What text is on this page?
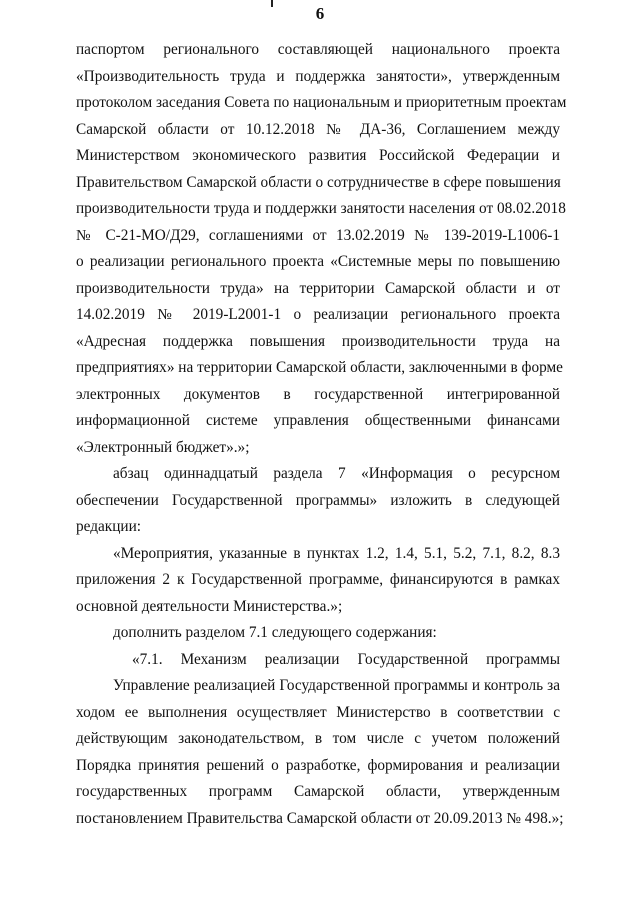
6
паспортом регионального составляющей национального проекта
«Производительность труда и поддержка занятости», утвержденным
протоколом заседания Совета по национальным и приоритетным проектам
Самарской области от 10.12.2018 № ДА-36, Соглашением между
Министерством экономического развития Российской Федерации и
Правительством Самарской области о сотрудничестве в сфере повышения
производительности труда и поддержки занятости населения от 08.02.2018
№ С-21-МО/Д29, соглашениями от 13.02.2019 № 139-2019-L1006-1
о реализации регионального проекта «Системные меры по повышению
производительности труда» на территории Самарской области и от
14.02.2019 № 2019-L2001-1 о реализации регионального проекта
«Адресная поддержка повышения производительности труда на
предприятиях» на территории Самарской области, заключенными в форме
электронных документов в государственной интегрированной
информационной системе управления общественными финансами
«Электронный бюджет».»;
абзац одиннадцатый раздела 7 «Информация о ресурсном
обеспечении Государственной программы» изложить в следующей
редакции:
«Мероприятия, указанные в пунктах 1.2, 1.4, 5.1, 5.2, 7.1, 8.2, 8.3
приложения 2 к Государственной программе, финансируются в рамках
основной деятельности Министерства.»;
дополнить разделом 7.1 следующего содержания:
«7.1. Механизм реализации Государственной программы
Управление реализацией Государственной программы и контроль за
ходом ее выполнения осуществляет Министерство в соответствии с
действующим законодательством, в том числе с учетом положений
Порядка принятия решений о разработке, формирования и реализации
государственных программ Самарской области, утвержденным
постановлением Правительства Самарской области от 20.09.2013 № 498.»;
